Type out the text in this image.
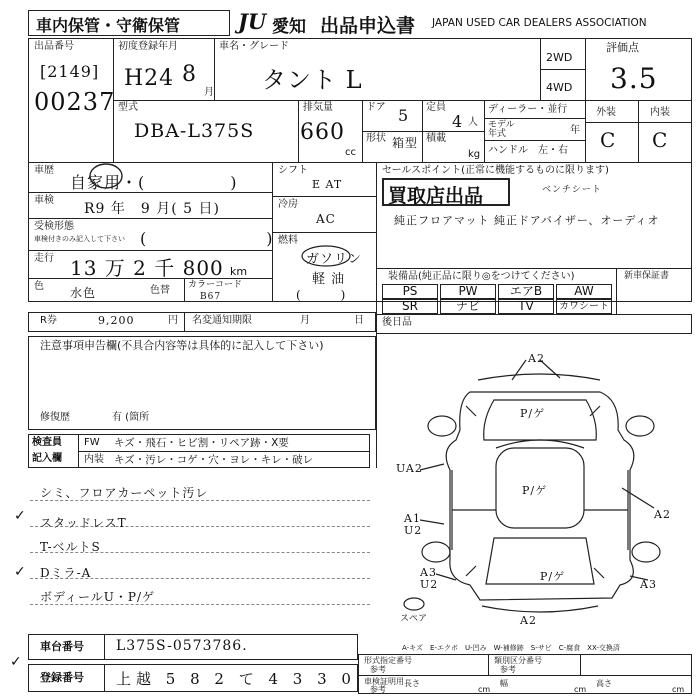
車内保管・守衛保管	JU 愛知 出品申込書 JAPAN USED CAR DEALERS ASSOCIATION
出品番号
[2149]
00237
初度登録年月
H24 8
月
車名・グレード
タント L
2WD
4WD
評価点
3.5
型式
DBA-L375S
排気量
660
cc
ドア 5
形状 箱型
定員
4 人
積載
kg
ディーラー・並行
モデル
年式	年
ハンドル　左・右
外装
C
内装
C
車歴
自家用・(　　　　　)
車検
R9 年　9 月( 5 日)
受検形態
車検付きのみ記入して下さい (　　　　　　　)
走行 13 万 2 千 800 km
色 水色	色替 カラーコード
B67
シフト
E AT
冷房
AC
燃料
ガソリン
軽 油
(　　　)
セールスポイント(正常に機能するものに限ります)
買取店出品	ベンチシート
純正フロアマット 純正ドアバイザー、オーディオ
装備品(純正品に限り◎をつけてください)	新車保証書
PS	PW	エアB	AW
SR	ナビ	TV	カワシート
後日品
R券	9,200	円 名変通知期限	月	日
注意事項申告欄(不具合内容等は具体的に記入して下さい)
修復歴	有 (箇所
検査員
記入欄
FW キズ・飛石・ヒビ割・リペア跡・X要
内装 キズ・汚レ・コゲ・穴・ヨレ・キレ・破レ
シミ、フロアカーペット汚レ
スタッドレスT
T-ベルトS
Dミラ-A
ボディールU・P/ゲ
✓
✓
✓
A2
P/ゲ
P/ゲ
P/ゲ
UA2
A1
U2
A3
U2
A2
A3
A2
スペア
A-キズ　E-エクボ　U-凹み　W-補修跡　S-サビ　C-腐食　XX-交換済
車台番号 L375S-0573786.
登録番号 上越 5 8 2 て 4 3 3 0
形式指定番号
参考
類別区分番号
参考
車検証明用
参考
長さ	幅	高さ
cm	cm	cm
